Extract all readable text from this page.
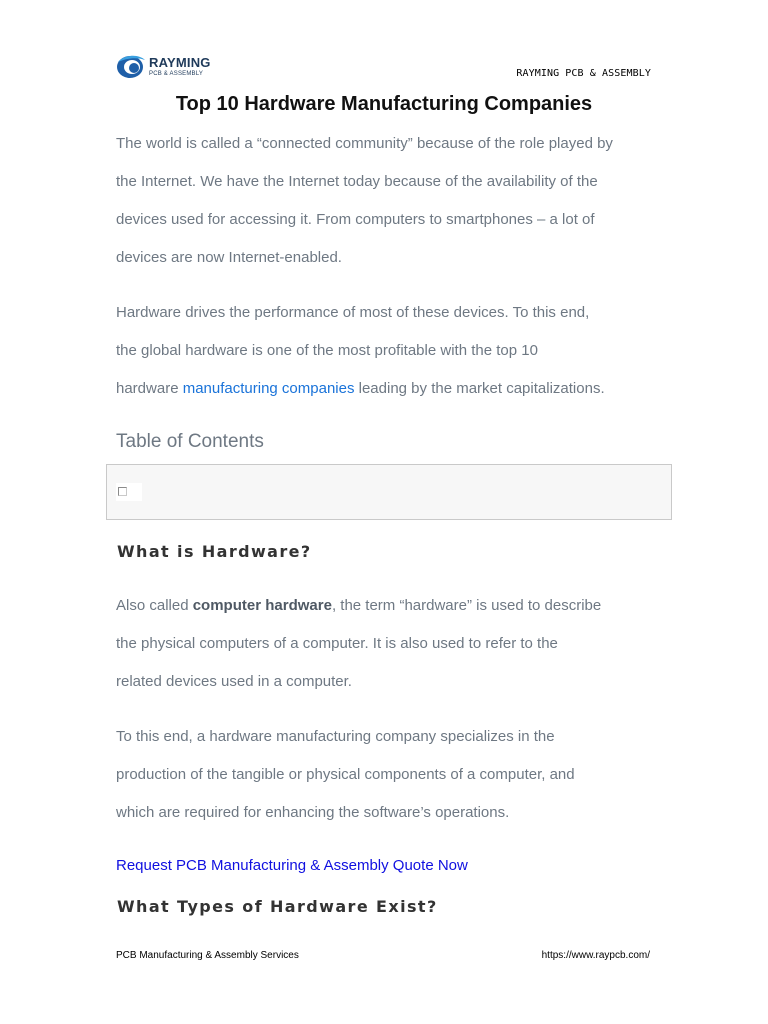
RAYMING
PCB & ASSEMBLY	RAYMING PCB & ASSEMBLY
Top 10 Hardware Manufacturing Companies

The world is called a “connected community” because of the role played by
the Internet. We have the Internet today because of the availability of the
devices used for accessing it. From computers to smartphones – a lot of
devices are now Internet-enabled.

Hardware drives the performance of most of these devices. To this end,
the global hardware is one of the most profitable with the top 10
hardware manufacturing companies leading by the market capitalizations.

Table of Contents
What is Hardware?

Also called computer hardware, the term “hardware” is used to describe
the physical computers of a computer. It is also used to refer to the
related devices used in a computer.

To this end, a hardware manufacturing company specializes in the
production of the tangible or physical components of a computer, and
which are required for enhancing the software’s operations.

Request PCB Manufacturing & Assembly Quote Now
What Types of Hardware Exist?
PCB Manufacturing & Assembly Services	https://www.raypcb.com/
